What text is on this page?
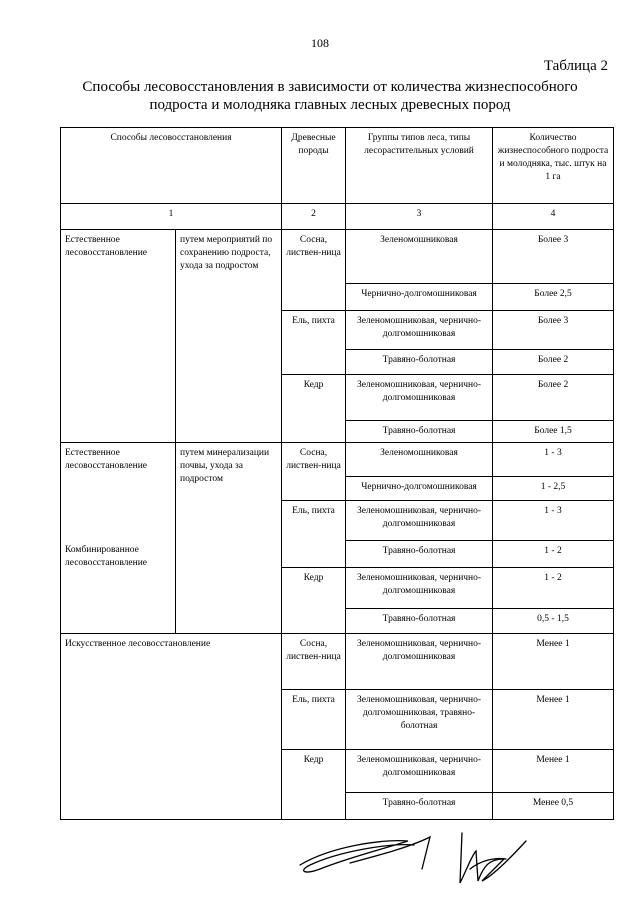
108
Таблица 2
Способы лесовосстановления в зависимости от количества жизнеспособного
подроста и молодняка главных лесных древесных пород
Способы лесовосстановления		Древесные породы	Группы типов леса, типы лесорастительных условий	Количество жизнеспособного подроста и молодняка, тыс. штук на 1 га
1		2	3	4
Естественное лесовосстановление	путем мероприятий по сохранению подроста, ухода за подростом	Сосна, листвен-ница	Зеленомошниковая	Более 3
			Чернично-долгомошниковая	Более 2,5
		Ель, пихта	Зеленомошниковая, чернично-долгомошниковая	Более 3
			Травяно-болотная	Более 2
		Кедр	Зеленомошниковая, чернично-долгомошниковая	Более 2
			Травяно-болотная	Более 1,5
Естественное лесовосстановление	путем минерализации почвы, ухода за подростом	Сосна, листвен-ница	Зеленомошниковая	1 - 3
			Чернично-долгомошниковая	1 - 2,5
		Ель, пихта	Зеленомошниковая, чернично-долгомошниковая	1 - 3
Комбинированное лесовосстановление			Травяно-болотная	1 - 2
		Кедр	Зеленомошниковая, чернично-долгомошниковая	1 - 2
			Травяно-болотная	0,5 - 1,5
Искусственное лесовосстановление		Сосна, листвен-ница	Зеленомошниковая, чернично-долгомошниковая	Менее 1
		Ель, пихта	Зеленомошниковая, чернично-долгомошниковая, травяно-болотная	Менее 1
		Кедр	Зеленомошниковая, чернично-долгомошниковая	Менее 1
			Травяно-болотная	Менее 0,5
